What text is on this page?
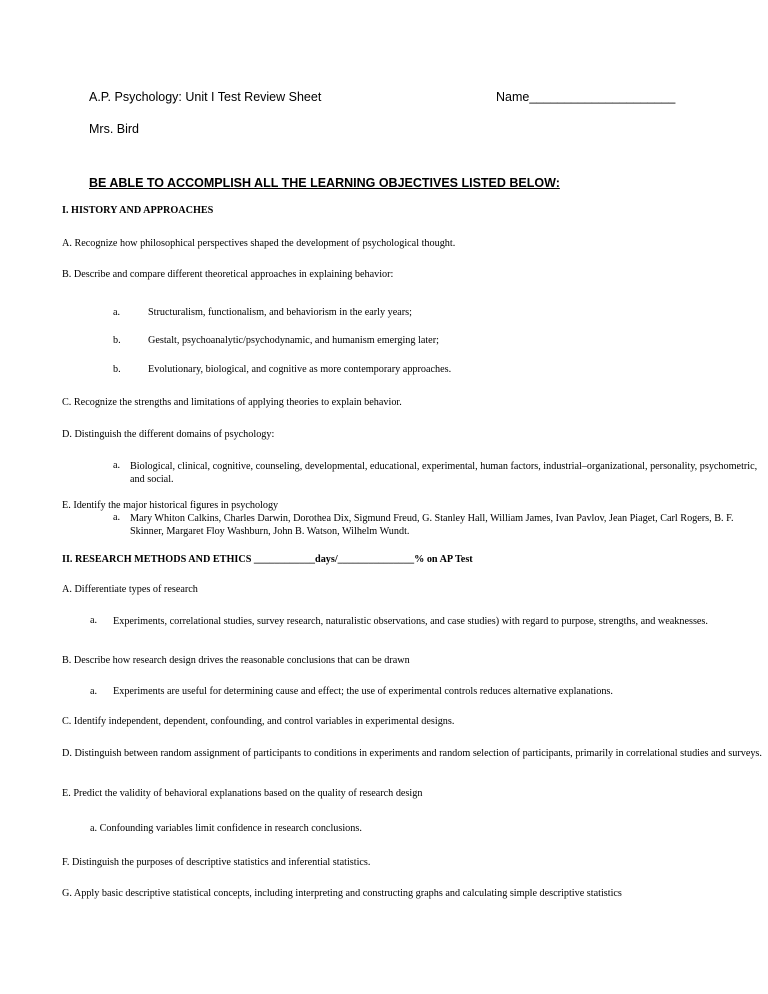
A.P. Psychology: Unit I Test Review Sheet	Name_____________________
Mrs. Bird
BE ABLE TO ACCOMPLISH ALL THE LEARNING OBJECTIVES LISTED BELOW:
I. HISTORY AND APPROACHES
A. Recognize how philosophical perspectives shaped the development of psychological thought.
B. Describe and compare different theoretical approaches in explaining behavior:
a.	Structuralism, functionalism, and behaviorism in the early years;
b.	Gestalt, psychoanalytic/psychodynamic, and humanism emerging later;
b.	Evolutionary, biological, and cognitive as more contemporary approaches.
C. Recognize the strengths and limitations of applying theories to explain behavior.
D. Distinguish the different domains of psychology:
a. Biological, clinical, cognitive, counseling, developmental, educational, experimental, human factors, industrial–organizational, personality, psychometric, and social.
E. Identify the major historical figures in psychology
a. Mary Whiton Calkins, Charles Darwin, Dorothea Dix, Sigmund Freud, G. Stanley Hall, William James, Ivan Pavlov, Jean Piaget, Carl Rogers, B. F. Skinner, Margaret Floy Washburn, John B. Watson, Wilhelm Wundt.
II. RESEARCH METHODS AND ETHICS ____________days/_______________% on AP Test
A. Differentiate types of research
a. Experiments, correlational studies, survey research, naturalistic observations, and case studies) with regard to purpose, strengths, and weaknesses.
B. Describe how research design drives the reasonable conclusions that can be drawn
a. Experiments are useful for determining cause and effect; the use of experimental controls reduces alternative explanations.
C. Identify independent, dependent, confounding, and control variables in experimental designs.
D. Distinguish between random assignment of participants to conditions in experiments and random selection of participants, primarily in correlational studies and surveys.
E. Predict the validity of behavioral explanations based on the quality of research design
a. Confounding variables limit confidence in research conclusions.
F. Distinguish the purposes of descriptive statistics and inferential statistics.
G. Apply basic descriptive statistical concepts, including interpreting and constructing graphs and calculating simple descriptive statistics
